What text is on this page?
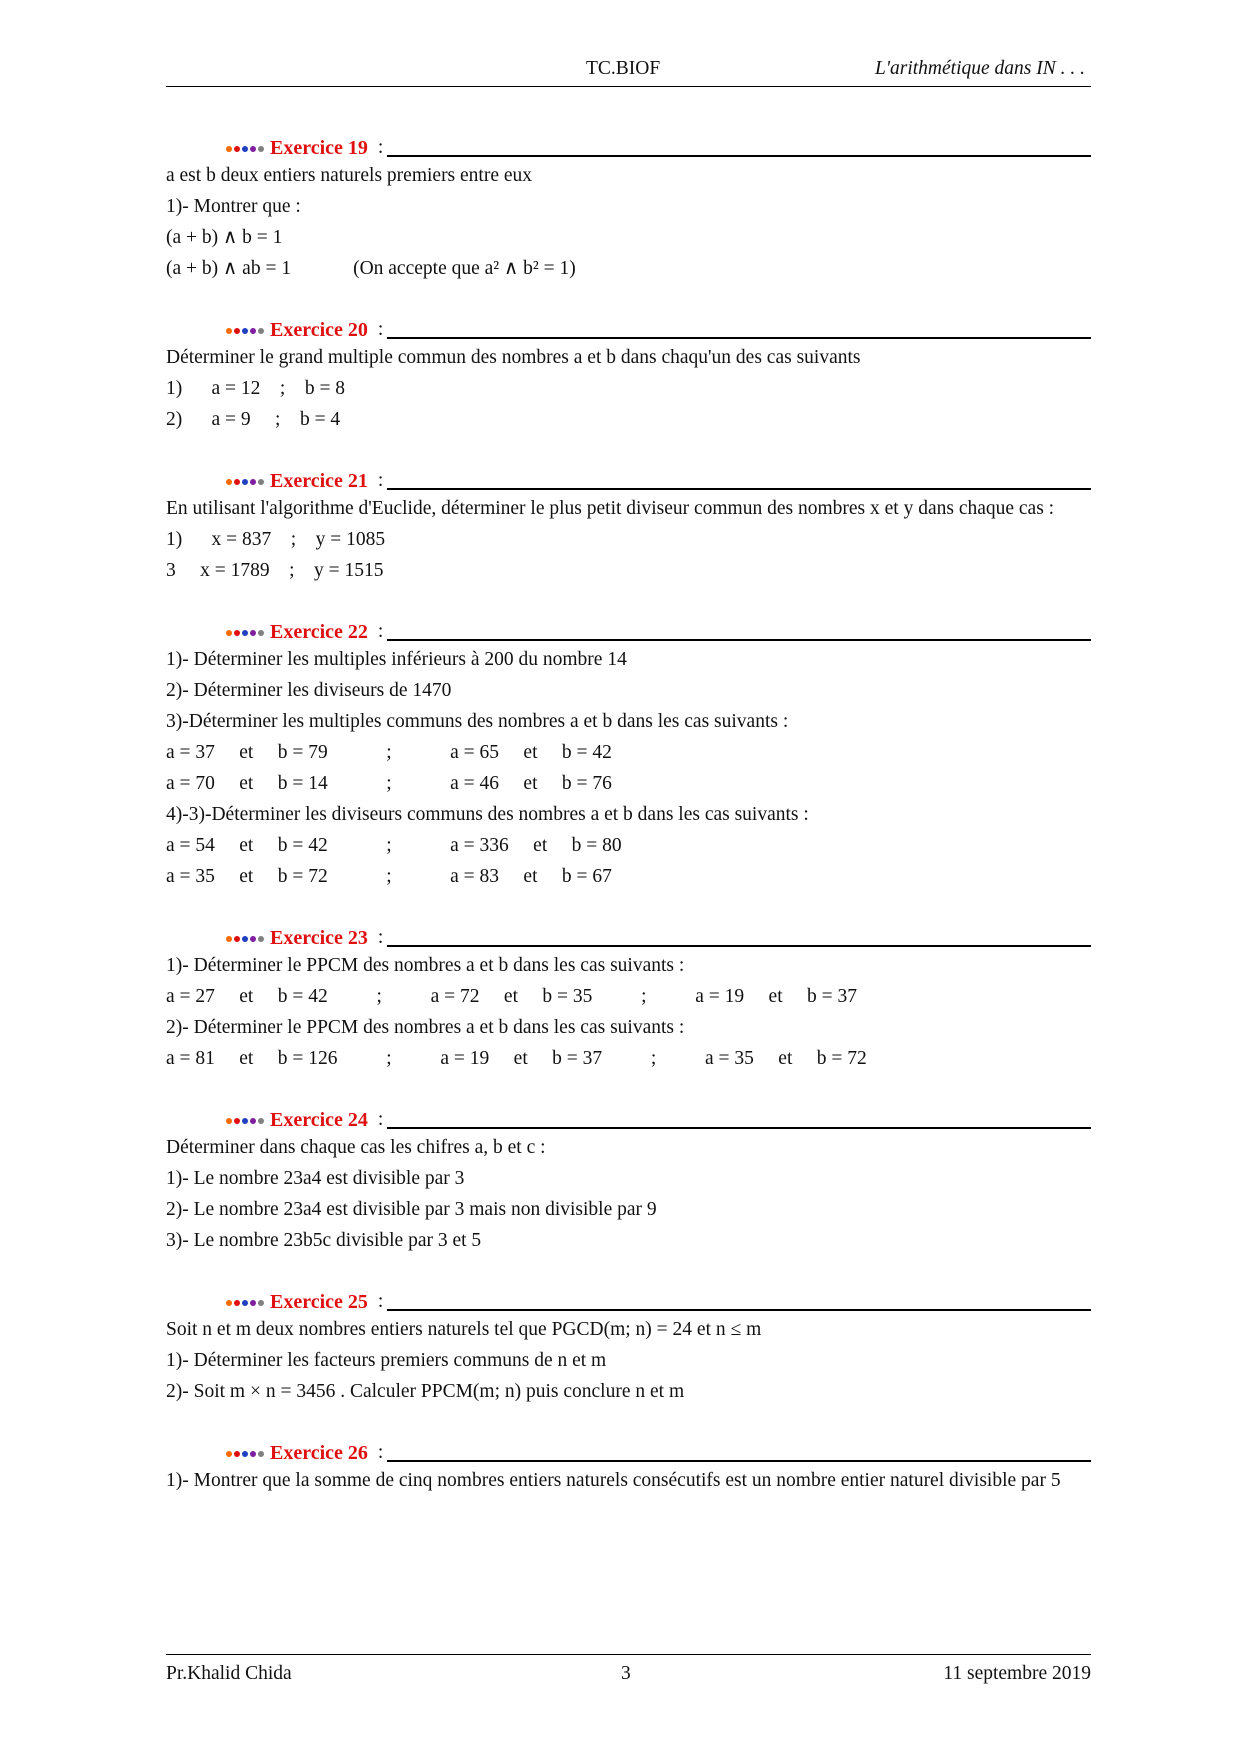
TC.BIOF	L'arithmétique dans IN . . .
Exercice 19 :
a est b deux entiers naturels premiers entre eux
1)- Montrer que :
(a + b) ∧ b = 1
(a + b) ∧ ab = 1	(On accepte que a² ∧ b² = 1)
Exercice 20 :
Déterminer le grand multiple commun des nombres a et b dans chaqu'un des cas suivants
1)      a = 12    ;    b = 8
2)      a = 9     ;    b = 4
Exercice 21 :
En utilisant l'algorithme d'Euclide, déterminer le plus petit diviseur commun des nombres x et y dans chaque cas :
1)      x = 837    ;    y = 1085
3     x = 1789    ;    y = 1515
Exercice 22 :
1)- Déterminer les multiples inférieurs à 200 du nombre 14
2)- Déterminer les diviseurs de 1470
3)-Déterminer les multiples communs des nombres a et b dans les cas suivants :
a = 37     et     b = 79            ;            a = 65     et     b = 42
a = 70     et     b = 14            ;            a = 46     et     b = 76
4)-3)-Déterminer les diviseurs communs des nombres a et b dans les cas suivants :
a = 54     et     b = 42            ;            a = 336     et     b = 80
a = 35     et     b = 72            ;            a = 83     et     b = 67
Exercice 23 :
1)- Déterminer le PPCM des nombres a et b dans les cas suivants :
a = 27     et     b = 42          ;          a = 72     et     b = 35          ;          a = 19     et     b = 37
2)- Déterminer le PPCM des nombres a et b dans les cas suivants :
a = 81     et     b = 126          ;          a = 19     et     b = 37          ;          a = 35     et     b = 72
Exercice 24 :
Déterminer dans chaque cas les chifres a, b et c :
1)- Le nombre 23a4 est divisible par 3
2)- Le nombre 23a4 est divisible par 3 mais non divisible par 9
3)- Le nombre 23b5c divisible par 3 et 5
Exercice 25 :
Soit n et m deux nombres entiers naturels tel que PGCD(m; n) = 24 et n ≤ m
1)- Déterminer les facteurs premiers communs de n et m
2)- Soit m × n = 3456 . Calculer PPCM(m; n) puis conclure n et m
Exercice 26 :
1)- Montrer que la somme de cinq nombres entiers naturels consécutifs est un nombre entier naturel divisible par 5
Pr.Khalid Chida	3	11 septembre 2019
